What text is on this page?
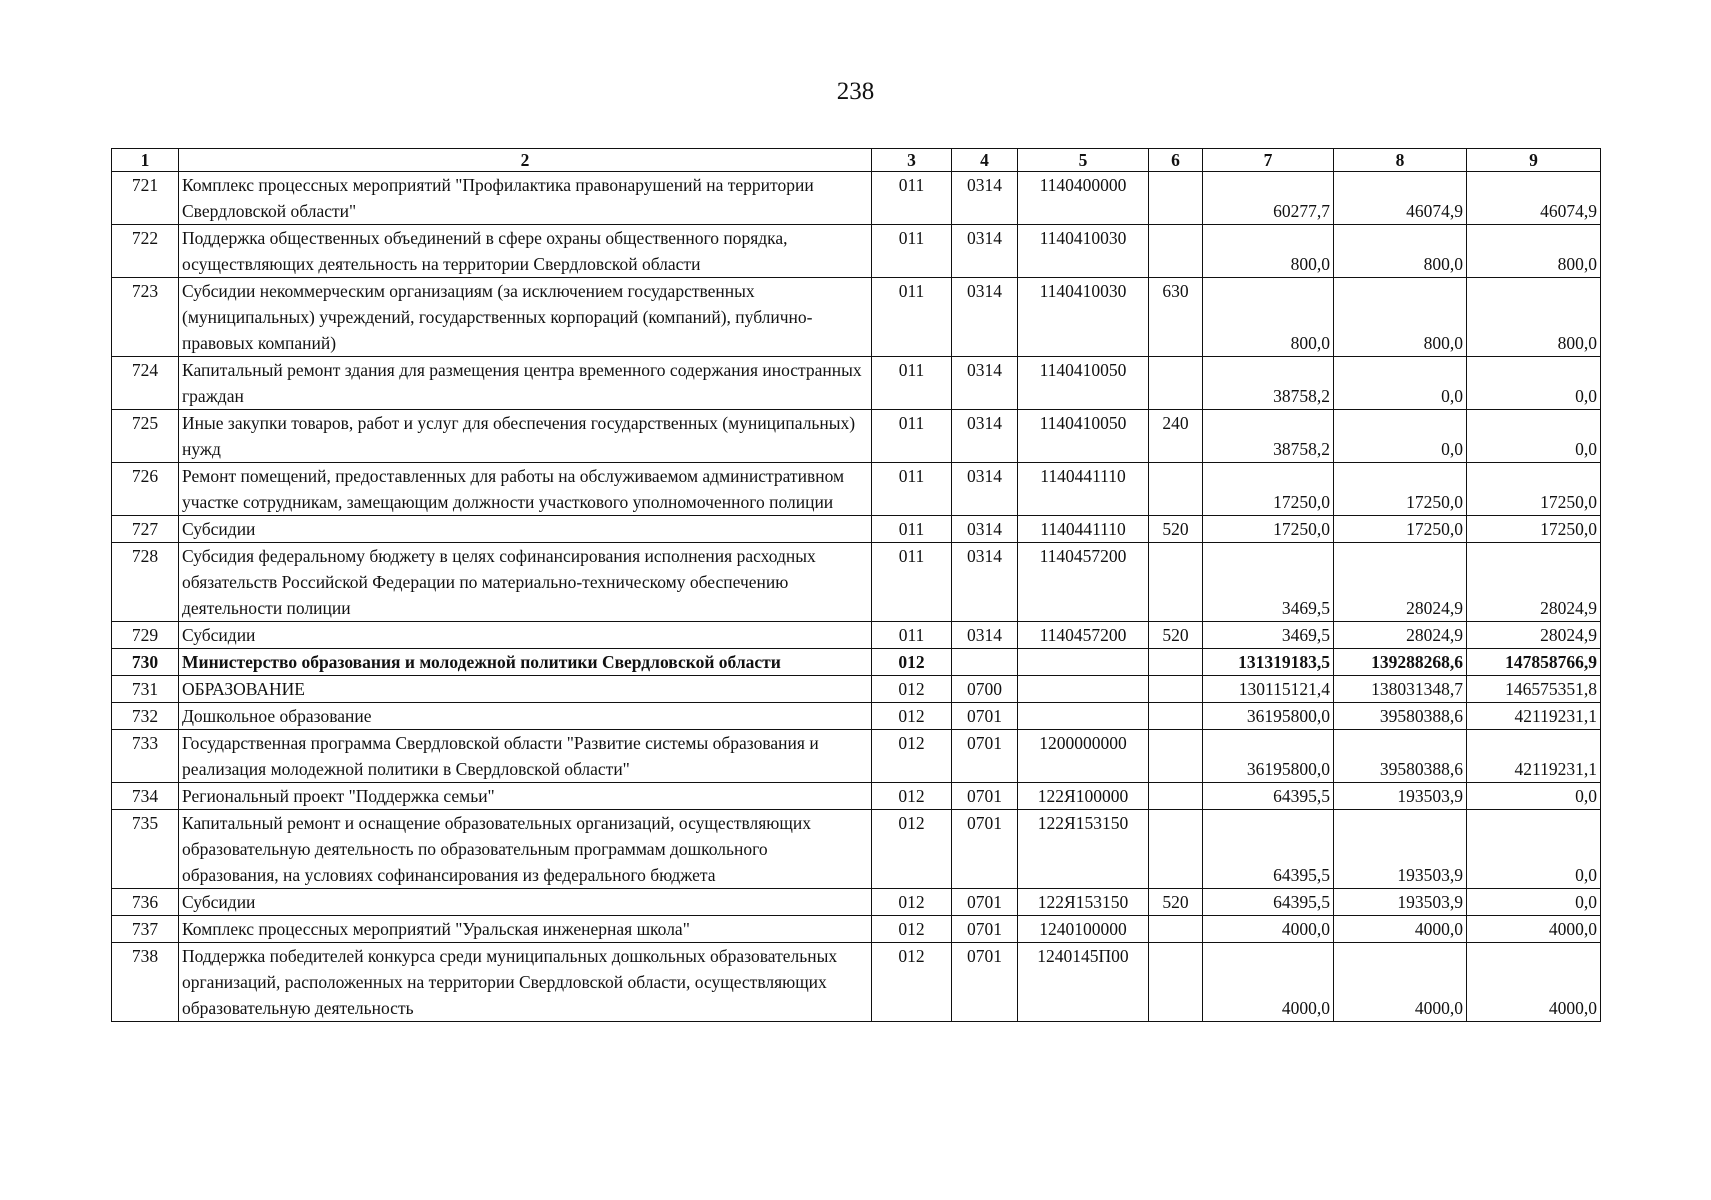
238
1	2	3	4	5	6	7	8	9
721	Комплекс процессных мероприятий "Профилактика правонарушений на территории Свердловской области"	011	0314	1140400000		60277,7	46074,9	46074,9
722	Поддержка общественных объединений в сфере охраны общественного порядка, осуществляющих деятельность на территории Свердловской области	011	0314	1140410030		800,0	800,0	800,0
723	Субсидии некоммерческим организациям (за исключением государственных (муниципальных) учреждений, государственных корпораций (компаний), публично-правовых компаний)	011	0314	1140410030	630	800,0	800,0	800,0
724	Капитальный ремонт здания для размещения центра временного содержания иностранных граждан	011	0314	1140410050		38758,2	0,0	0,0
725	Иные закупки товаров, работ и услуг для обеспечения государственных (муниципальных) нужд	011	0314	1140410050	240	38758,2	0,0	0,0
726	Ремонт помещений, предоставленных для работы на обслуживаемом административном участке сотрудникам, замещающим должности участкового уполномоченного полиции	011	0314	1140441110		17250,0	17250,0	17250,0
727	Субсидии	011	0314	1140441110	520	17250,0	17250,0	17250,0
728	Субсидия федеральному бюджету в целях софинансирования исполнения расходных обязательств Российской Федерации по материально-техническому обеспечению деятельности полиции	011	0314	1140457200		3469,5	28024,9	28024,9
729	Субсидии	011	0314	1140457200	520	3469,5	28024,9	28024,9
730	Министерство образования и молодежной политики Свердловской области	012				131319183,5	139288268,6	147858766,9
731	ОБРАЗОВАНИЕ	012	0700			130115121,4	138031348,7	146575351,8
732	Дошкольное образование	012	0701			36195800,0	39580388,6	42119231,1
733	Государственная программа Свердловской области "Развитие системы образования и реализация молодежной политики в Свердловской области"	012	0701	1200000000		36195800,0	39580388,6	42119231,1
734	Региональный проект "Поддержка семьи"	012	0701	122Я100000		64395,5	193503,9	0,0
735	Капитальный ремонт и оснащение образовательных организаций, осуществляющих образовательную деятельность по образовательным программам дошкольного образования, на условиях софинансирования из федерального бюджета	012	0701	122Я153150		64395,5	193503,9	0,0
736	Субсидии	012	0701	122Я153150	520	64395,5	193503,9	0,0
737	Комплекс процессных мероприятий "Уральская инженерная школа"	012	0701	1240100000		4000,0	4000,0	4000,0
738	Поддержка победителей конкурса среди муниципальных дошкольных образовательных организаций, расположенных на территории Свердловской области, осуществляющих образовательную деятельность	012	0701	1240145П00		4000,0	4000,0	4000,0
